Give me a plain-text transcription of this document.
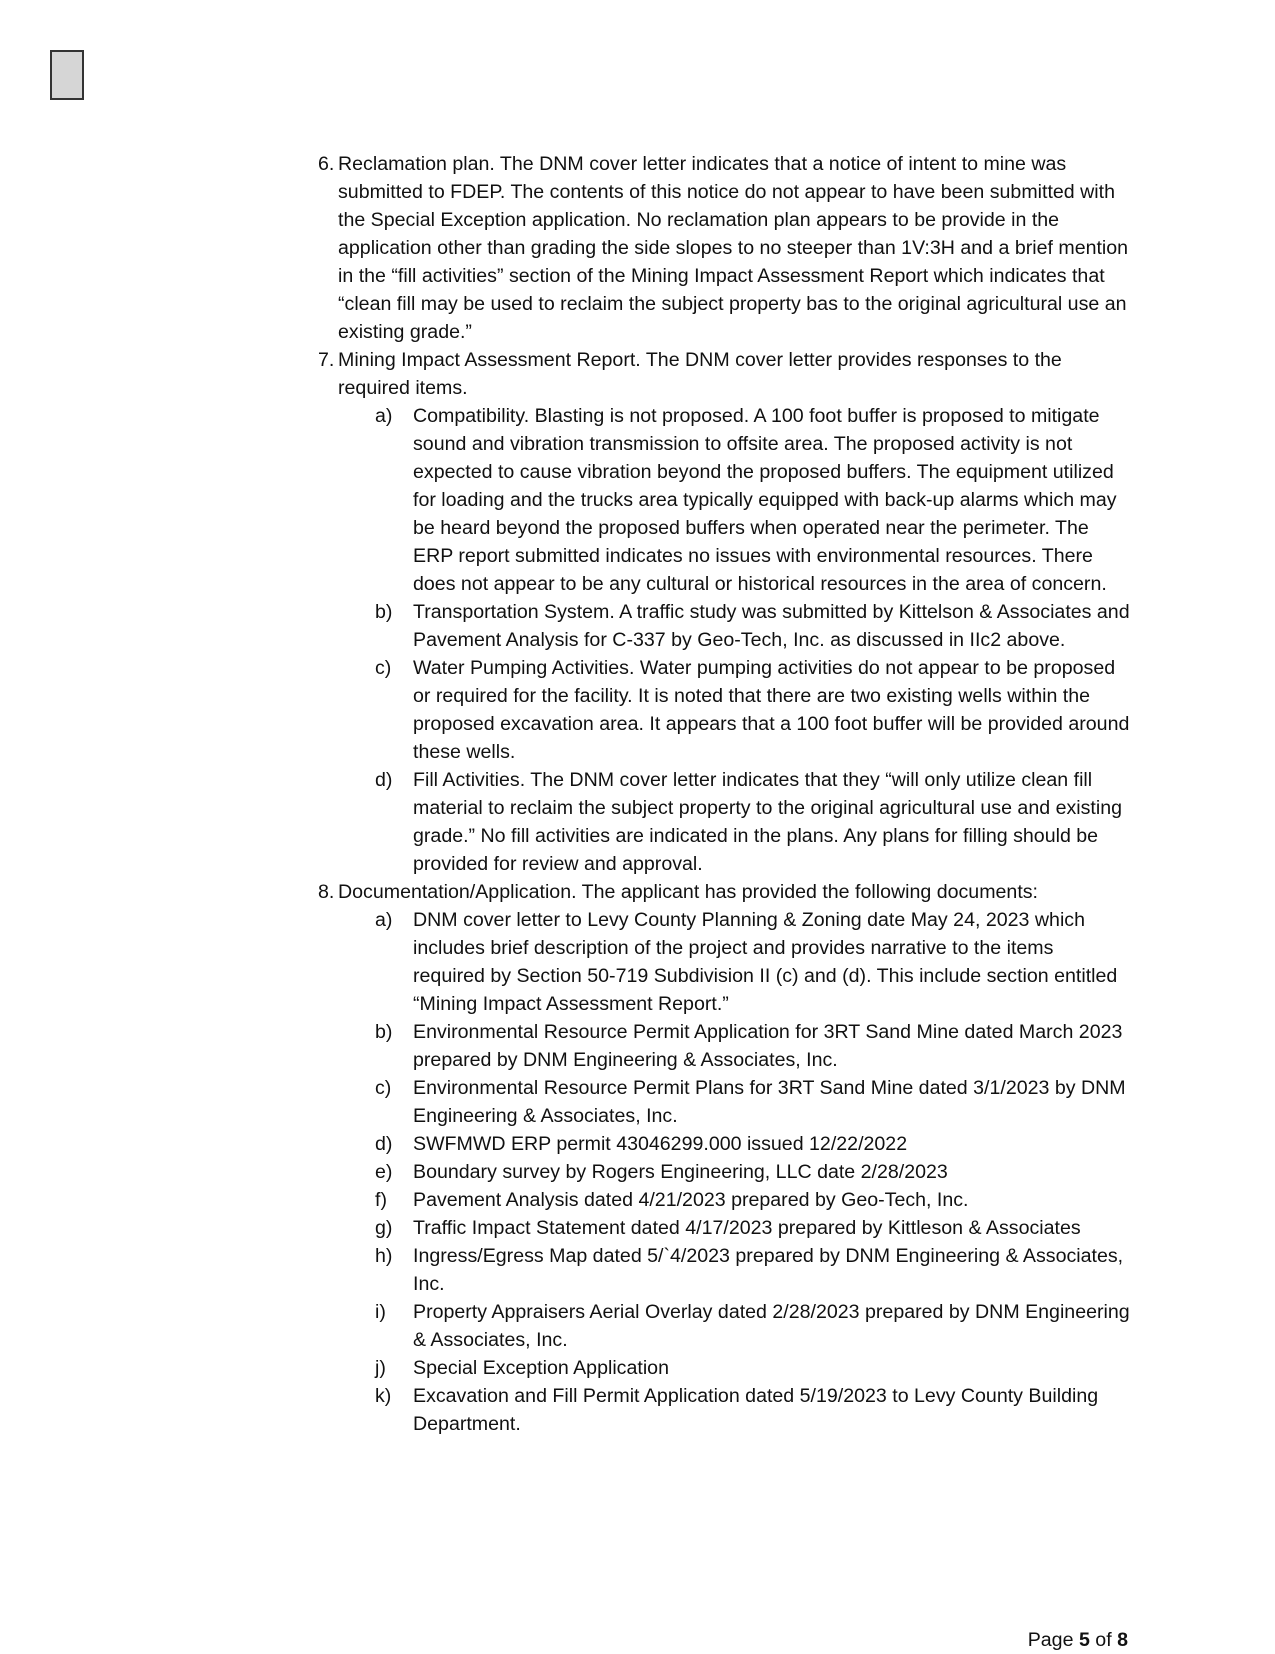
6. Reclamation plan. The DNM cover letter indicates that a notice of intent to mine was submitted to FDEP. The contents of this notice do not appear to have been submitted with the Special Exception application. No reclamation plan appears to be provide in the application other than grading the side slopes to no steeper than 1V:3H and a brief mention in the “fill activities” section of the Mining Impact Assessment Report which indicates that “clean fill may be used to reclaim the subject property bas to the original agricultural use an existing grade.”
7. Mining Impact Assessment Report. The DNM cover letter provides responses to the required items.
a) Compatibility. Blasting is not proposed. A 100 foot buffer is proposed to mitigate sound and vibration transmission to offsite area. The proposed activity is not expected to cause vibration beyond the proposed buffers. The equipment utilized for loading and the trucks area typically equipped with back-up alarms which may be heard beyond the proposed buffers when operated near the perimeter. The ERP report submitted indicates no issues with environmental resources. There does not appear to be any cultural or historical resources in the area of concern.
b) Transportation System. A traffic study was submitted by Kittelson & Associates and Pavement Analysis for C-337 by Geo-Tech, Inc. as discussed in IIc2 above.
c) Water Pumping Activities. Water pumping activities do not appear to be proposed or required for the facility. It is noted that there are two existing wells within the proposed excavation area. It appears that a 100 foot buffer will be provided around these wells.
d) Fill Activities. The DNM cover letter indicates that they “will only utilize clean fill material to reclaim the subject property to the original agricultural use and existing grade.” No fill activities are indicated in the plans. Any plans for filling should be provided for review and approval.
8. Documentation/Application. The applicant has provided the following documents:
a) DNM cover letter to Levy County Planning & Zoning date May 24, 2023 which includes brief description of the project and provides narrative to the items required by Section 50-719 Subdivision II (c) and (d). This include section entitled “Mining Impact Assessment Report.”
b) Environmental Resource Permit Application for 3RT Sand Mine dated March 2023 prepared by DNM Engineering & Associates, Inc.
c) Environmental Resource Permit Plans for 3RT Sand Mine dated 3/1/2023 by DNM Engineering & Associates, Inc.
d) SWFMWD ERP permit 43046299.000 issued 12/22/2022
e) Boundary survey by Rogers Engineering, LLC date 2/28/2023
f) Pavement Analysis dated 4/21/2023 prepared by Geo-Tech, Inc.
g) Traffic Impact Statement dated 4/17/2023 prepared by Kittleson & Associates
h) Ingress/Egress Map dated 5/`4/2023 prepared by DNM Engineering & Associates, Inc.
i) Property Appraisers Aerial Overlay dated 2/28/2023 prepared by DNM Engineering & Associates, Inc.
j) Special Exception Application
k) Excavation and Fill Permit Application dated 5/19/2023 to Levy County Building Department.
Page 5 of 8
